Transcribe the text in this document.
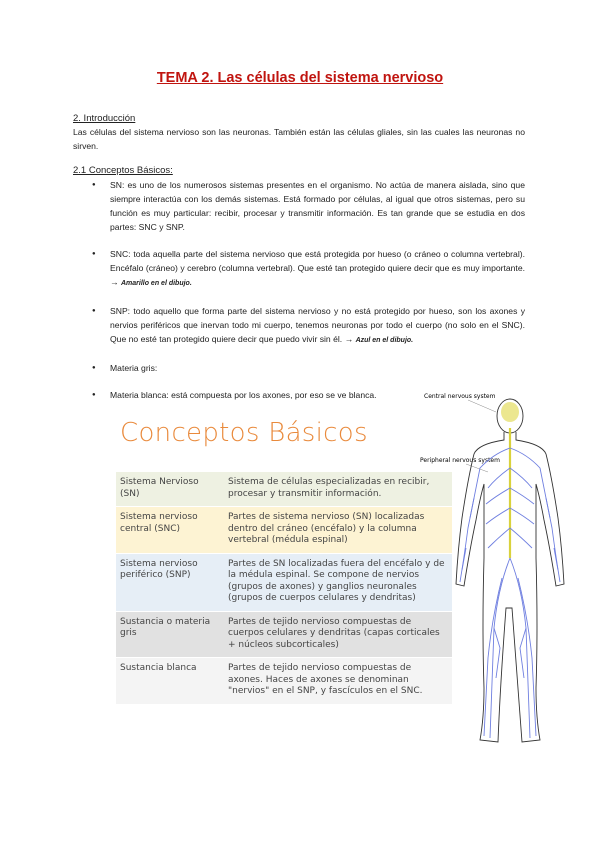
TEMA 2. Las células del sistema nervioso
2. Introducción
Las células del sistema nervioso son las neuronas. También están las células gliales, sin las cuales las neuronas no sirven.
2.1 Conceptos Básicos:
● SN: es uno de los numerosos sistemas presentes en el organismo. No actúa de manera aislada, sino que siempre interactúa con los demás sistemas. Está formado por células, al igual que otros sistemas, pero su función es muy particular: recibir, procesar y transmitir información. Es tan grande que se estudia en dos partes: SNC y SNP.
● SNC: toda aquella parte del sistema nervioso que está protegida por hueso (o cráneo o columna vertebral). Encéfalo (cráneo) y cerebro (columna vertebral). Que esté tan protegido quiere decir que es muy importante. → Amarillo en el dibujo.
● SNP: todo aquello que forma parte del sistema nervioso y no está protegido por hueso, son los axones y nervios periféricos que inervan todo mi cuerpo, tenemos neuronas por todo el cuerpo (no solo en el SNC). Que no esté tan protegido quiere decir que puedo vivir sin él. → Azul en el dibujo.
● Materia gris:
● Materia blanca: está compuesta por los axones, por eso se ve blanca.
Conceptos Básicos
Sistema Nervioso (SN)	Sistema de células especializadas en recibir, procesar y transmitir información.
Sistema nervioso central (SNC)	Partes de sistema nervioso (SN) localizadas dentro del cráneo (encéfalo) y la columna vertebral (médula espinal)
Sistema nervioso periférico (SNP)	Partes de SN localizadas fuera del encéfalo y de la médula espinal. Se compone de nervios (grupos de axones) y ganglios neuronales (grupos de cuerpos celulares y dendritas)
Sustancia o materia gris	Partes de tejido nervioso compuestas de cuerpos celulares y dendritas (capas corticales + núcleos subcorticales)
Sustancia blanca	Partes de tejido nervioso compuestas de axones. Haces de axones se denominan "nervios" en el SNP, y fascículos en el SNC.
Central nervous system
Peripheral nervous system
